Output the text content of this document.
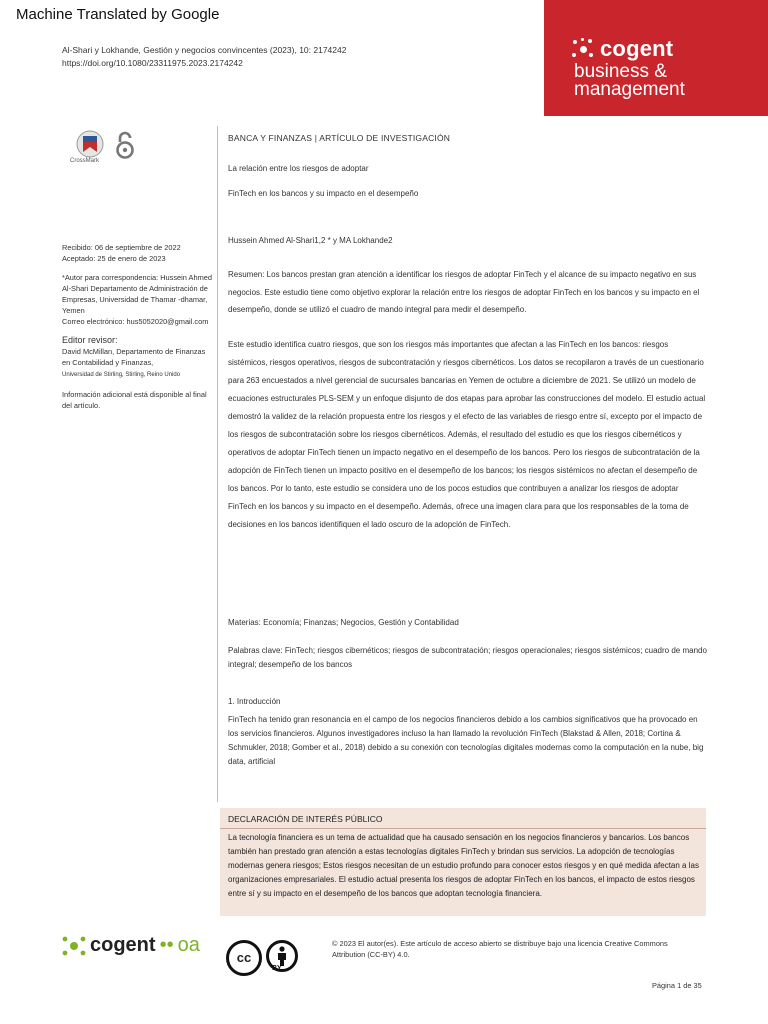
Machine Translated by Google
Al-Shari y Lokhande, Gestión y negocios convincentes (2023), 10: 2174242
https://doi.org/10.1080/23311975.2023.2174242
cogent
business &
management
CrossMark

Recibido: 06 de septiembre de 2022
Aceptado: 25 de enero de 2023

*Autor para correspondencia: Hussein Ahmed Al-Shari Departamento de Administración de Empresas, Universidad de Thamar -dhamar, Yemen
Correo electrónico: hus5052020@gmail.com

Editor revisor:
David McMillan, Departamento de Finanzas en Contabilidad y Finanzas,
Universidad de Stirling, Stirling, Reino Unido

Información adicional está disponible al final del artículo.

BANCA Y FINANZAS | ARTÍCULO DE INVESTIGACIÓN
La relación entre los riesgos de adoptar
FinTech en los bancos y su impacto en el desempeño
Hussein Ahmed Al-Shari1,2 * y MA Lokhande2
Resumen: Los bancos prestan gran atención a identificar los riesgos de adoptar FinTech y el alcance de su impacto negativo en sus negocios. Este estudio tiene como objetivo explorar la relación entre los riesgos de adoptar FinTech en los bancos y su impacto en el desempeño, donde se utilizó el cuadro de mando integral para medir el desempeño.
Este estudio identifica cuatro riesgos, que son los riesgos más importantes que afectan a las FinTech en los bancos: riesgos sistémicos, riesgos operativos, riesgos de subcontratación y riesgos cibernéticos. Los datos se recopilaron a través de un cuestionario para 263 encuestados a nivel gerencial de sucursales bancarias en Yemen de octubre a diciembre de 2021. Se utilizó un modelo de ecuaciones estructurales PLS-SEM y un enfoque disjunto de dos etapas para aprobar las construcciones del modelo. El estudio actual demostró la validez de la relación propuesta entre los riesgos y el efecto de las variables de riesgo entre sí, excepto por el impacto de los riesgos de subcontratación sobre los riesgos cibernéticos. Además, el resultado del estudio es que los riesgos cibernéticos y operativos de adoptar FinTech tienen un impacto negativo en el desempeño de los bancos. Pero los riesgos de subcontratación de la adopción de FinTech tienen un impacto positivo en el desempeño de los bancos; los riesgos sistémicos no afectan el desempeño de los bancos. Por lo tanto, este estudio se considera uno de los pocos estudios que contribuyen a analizar los riesgos de adoptar FinTech en los bancos y su impacto en el desempeño. Además, ofrece una imagen clara para que los responsables de la toma de decisiones en los bancos identifiquen el lado oscuro de la adopción de FinTech.
Materias: Economía; Finanzas; Negocios, Gestión y Contabilidad
Palabras clave: FinTech; riesgos cibernéticos; riesgos de subcontratación; riesgos operacionales; riesgos sistémicos; cuadro de mando integral; desempeño de los bancos
1. Introducción
FinTech ha tenido gran resonancia en el campo de los negocios financieros debido a los cambios significativos que ha provocado en los servicios financieros. Algunos investigadores incluso la han llamado la revolución FinTech (Blakstad & Allen, 2018; Cortina & Schmukler, 2018; Gomber et al., 2018) debido a su conexión con tecnologías digitales modernas como la computación en la nube, big data, artificial
DECLARACIÓN DE INTERÉS PÚBLICO
La tecnología financiera es un tema de actualidad que ha causado sensación en los negocios financieros y bancarios. Los bancos también han prestado gran atención a estas tecnologías digitales FinTech y brindan sus servicios. La adopción de tecnologías modernas genera riesgos; Estos riesgos necesitan de un estudio profundo para conocer estos riesgos y en qué medida afectan a las organizaciones empresariales. El estudio actual presenta los riesgos de adoptar FinTech en los bancos, el impacto de estos riesgos entre sí y su impacto en el desempeño de los bancos que adoptan tecnología financiera.
cogent •• oa
cc
BY
© 2023 El autor(es). Este artículo de acceso abierto se distribuye bajo una licencia Creative Commons Attribution (CC-BY) 4.0.
Página 1 de 35
